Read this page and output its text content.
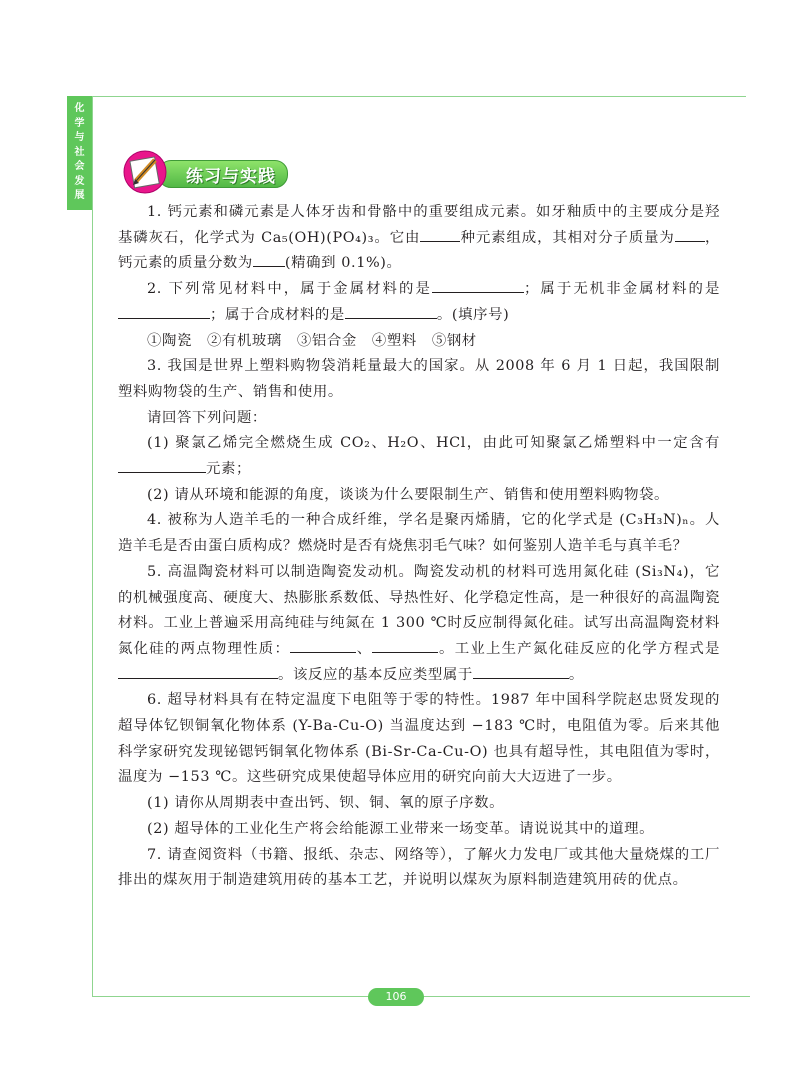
化
学
与
社
会
发
展
练习与实践

1. 钙元素和磷元素是人体牙齿和骨骼中的重要组成元素。如牙釉质中的主要成分是羟基磷灰石，化学式为 Ca₅(OH)(PO₄)₃。它由	种元素组成，其相对分子质量为 ，钙元素的质量分数为 (精确到 0.1%)。

2. 下列常见材料中，属于金属材料的是	；属于无机非金属材料的是；属于合成材料的是	。(填序号)

①陶瓷　②有机玻璃　③铝合金　④塑料　⑤钢材

3. 我国是世界上塑料购物袋消耗量最大的国家。从 2008 年 6 月 1 日起，我国限制塑料购物袋的生产、销售和使用。

请回答下列问题：

(1) 聚氯乙烯完全燃烧生成 CO₂、H₂O、HCl，由此可知聚氯乙烯塑料中一定含有元素；

(2) 请从环境和能源的角度，谈谈为什么要限制生产、销售和使用塑料购物袋。

4. 被称为人造羊毛的一种合成纤维，学名是聚丙烯腈，它的化学式是 (C₃H₃N)ₙ。人造羊毛是否由蛋白质构成？燃烧时是否有烧焦羽毛气味？如何鉴别人造羊毛与真羊毛？

5. 高温陶瓷材料可以制造陶瓷发动机。陶瓷发动机的材料可选用氮化硅 (Si₃N₄)，它的机械强度高、硬度大、热膨胀系数低、导热性好、化学稳定性高，是一种很好的高温陶瓷材料。工业上普遍采用高纯硅与纯氮在 1 300 ℃时反应制得氮化硅。试写出高温陶瓷材料氮化硅的两点物理性质：	、	。工业上生产氮化硅反应的化学方程式是。该反应的基本反应类型属于	。

6. 超导材料具有在特定温度下电阻等于零的特性。1987 年中国科学院赵忠贤发现的超导体钇钡铜氧化物体系 (Y-Ba-Cu-O) 当温度达到 −183 ℃时，电阻值为零。后来其他科学家研究发现铋锶钙铜氧化物体系 (Bi-Sr-Ca-Cu-O) 也具有超导性，其电阻值为零时，温度为 −153 ℃。这些研究成果使超导体应用的研究向前大大迈进了一步。

(1) 请你从周期表中查出钙、钡、铜、氧的原子序数。

(2) 超导体的工业化生产将会给能源工业带来一场变革。请说说其中的道理。

7. 请查阅资料（书籍、报纸、杂志、网络等），了解火力发电厂或其他大量烧煤的工厂排出的煤灰用于制造建筑用砖的基本工艺，并说明以煤灰为原料制造建筑用砖的优点。

106
